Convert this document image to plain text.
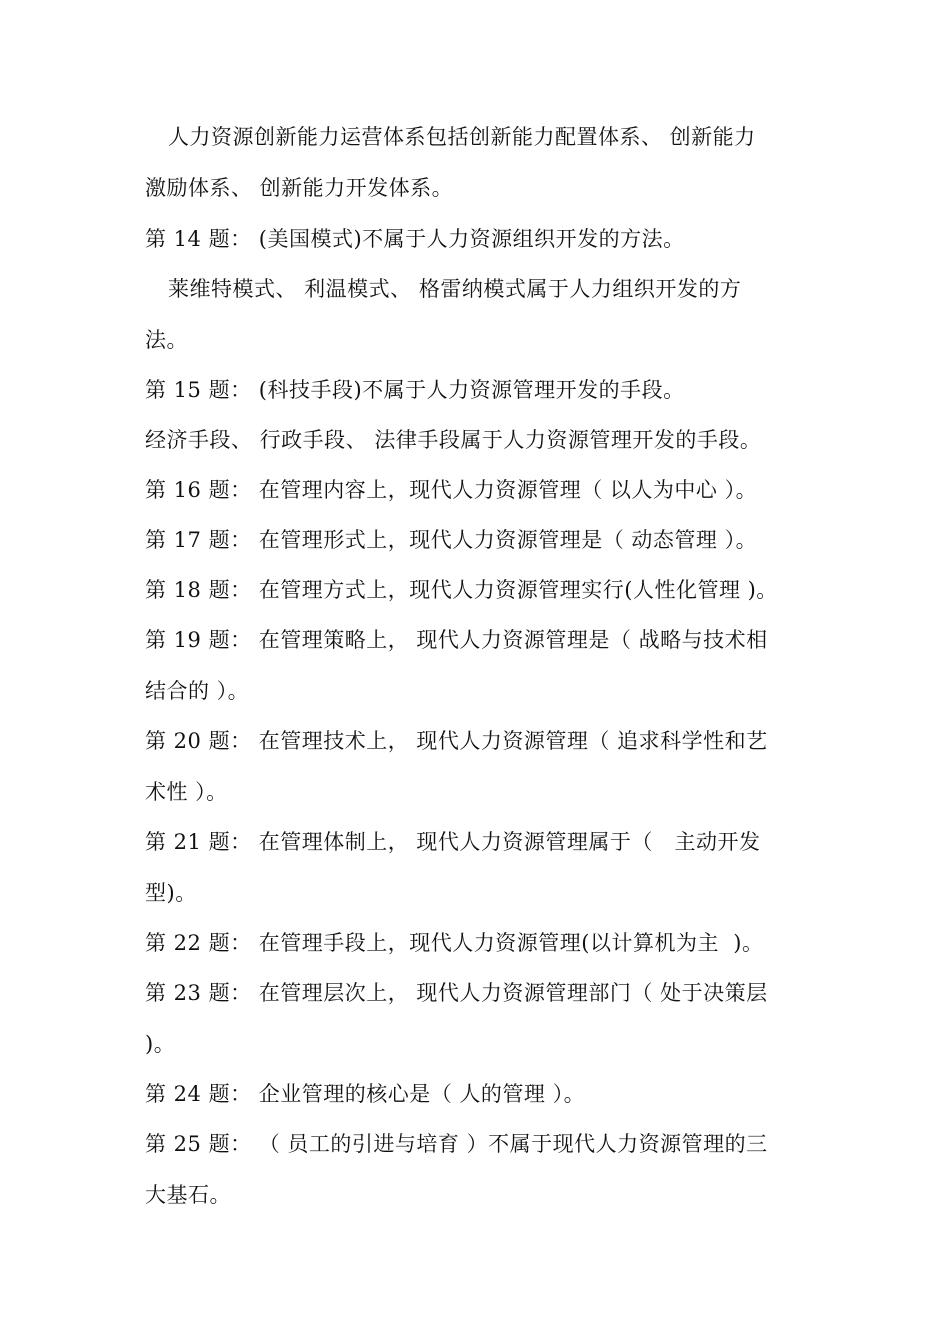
人力资源创新能力运营体系包括创新能力配置体系、 创新能力
激励体系、 创新能力开发体系。
第 14 题： (美国模式)不属于人力资源组织开发的方法。
莱维特模式、 利温模式、 格雷纳模式属于人力组织开发的方
法。
第 15 题： (科技手段)不属于人力资源管理开发的手段。
经济手段、 行政手段、 法律手段属于人力资源管理开发的手段。
第 16 题： 在管理内容上，现代人力资源管理（ 以人为中心 ）。
第 17 题： 在管理形式上，现代人力资源管理是（ 动态管理 ）。
第 18 题： 在管理方式上，现代人力资源管理实行(人性化管理 )。
第 19 题： 在管理策略上， 现代人力资源管理是（ 战略与技术相
结合的 ）。
第 20 题： 在管理技术上， 现代人力资源管理（ 追求科学性和艺
术性 ）。
第 21 题： 在管理体制上， 现代人力资源管理属于（   主动开发
型)。
第 22 题： 在管理手段上，现代人力资源管理(以计算机为主  )。
第 23 题： 在管理层次上， 现代人力资源管理部门（ 处于决策层
)。
第 24 题： 企业管理的核心是（ 人的管理 ）。
第 25 题： （ 员工的引进与培育 ）不属于现代人力资源管理的三
大基石。
